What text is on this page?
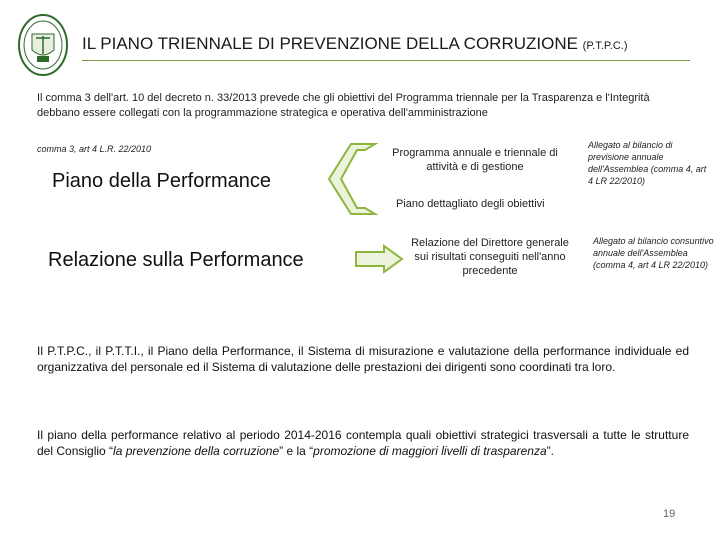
IL PIANO TRIENNALE DI PREVENZIONE DELLA CORRUZIONE (P.T.P.C.)
Il comma 3 dell'art. 10 del decreto n. 33/2013 prevede che gli obiettivi del Programma triennale per la Trasparenza e l'Integrità debbano essere collegati con la programmazione strategica e operativa dell'amministrazione
comma 3, art 4 L.R. 22/2010
Piano della Performance
Programma annuale e triennale di attività e di gestione
Piano dettagliato degli obiettivi
Allegato al bilancio di previsione annuale dell'Assemblea (comma 4, art 4 LR 22/2010)
Relazione sulla Performance
Relazione del Direttore generale sui risultati conseguiti nell'anno precedente
Allegato al bilancio consuntivo annuale dell'Assemblea (comma 4, art 4 LR 22/2010)
Il P.T.P.C., il P.T.T.I., il Piano della Performance, il Sistema di misurazione e valutazione della performance individuale ed organizzativa del personale ed il Sistema di valutazione delle prestazioni dei dirigenti sono coordinati tra loro.
Il piano della performance relativo al periodo 2014-2016 contempla quali obiettivi strategici trasversali a tutte le strutture del Consiglio “la prevenzione della corruzione” e la “promozione di maggiori livelli di trasparenza”.
19
